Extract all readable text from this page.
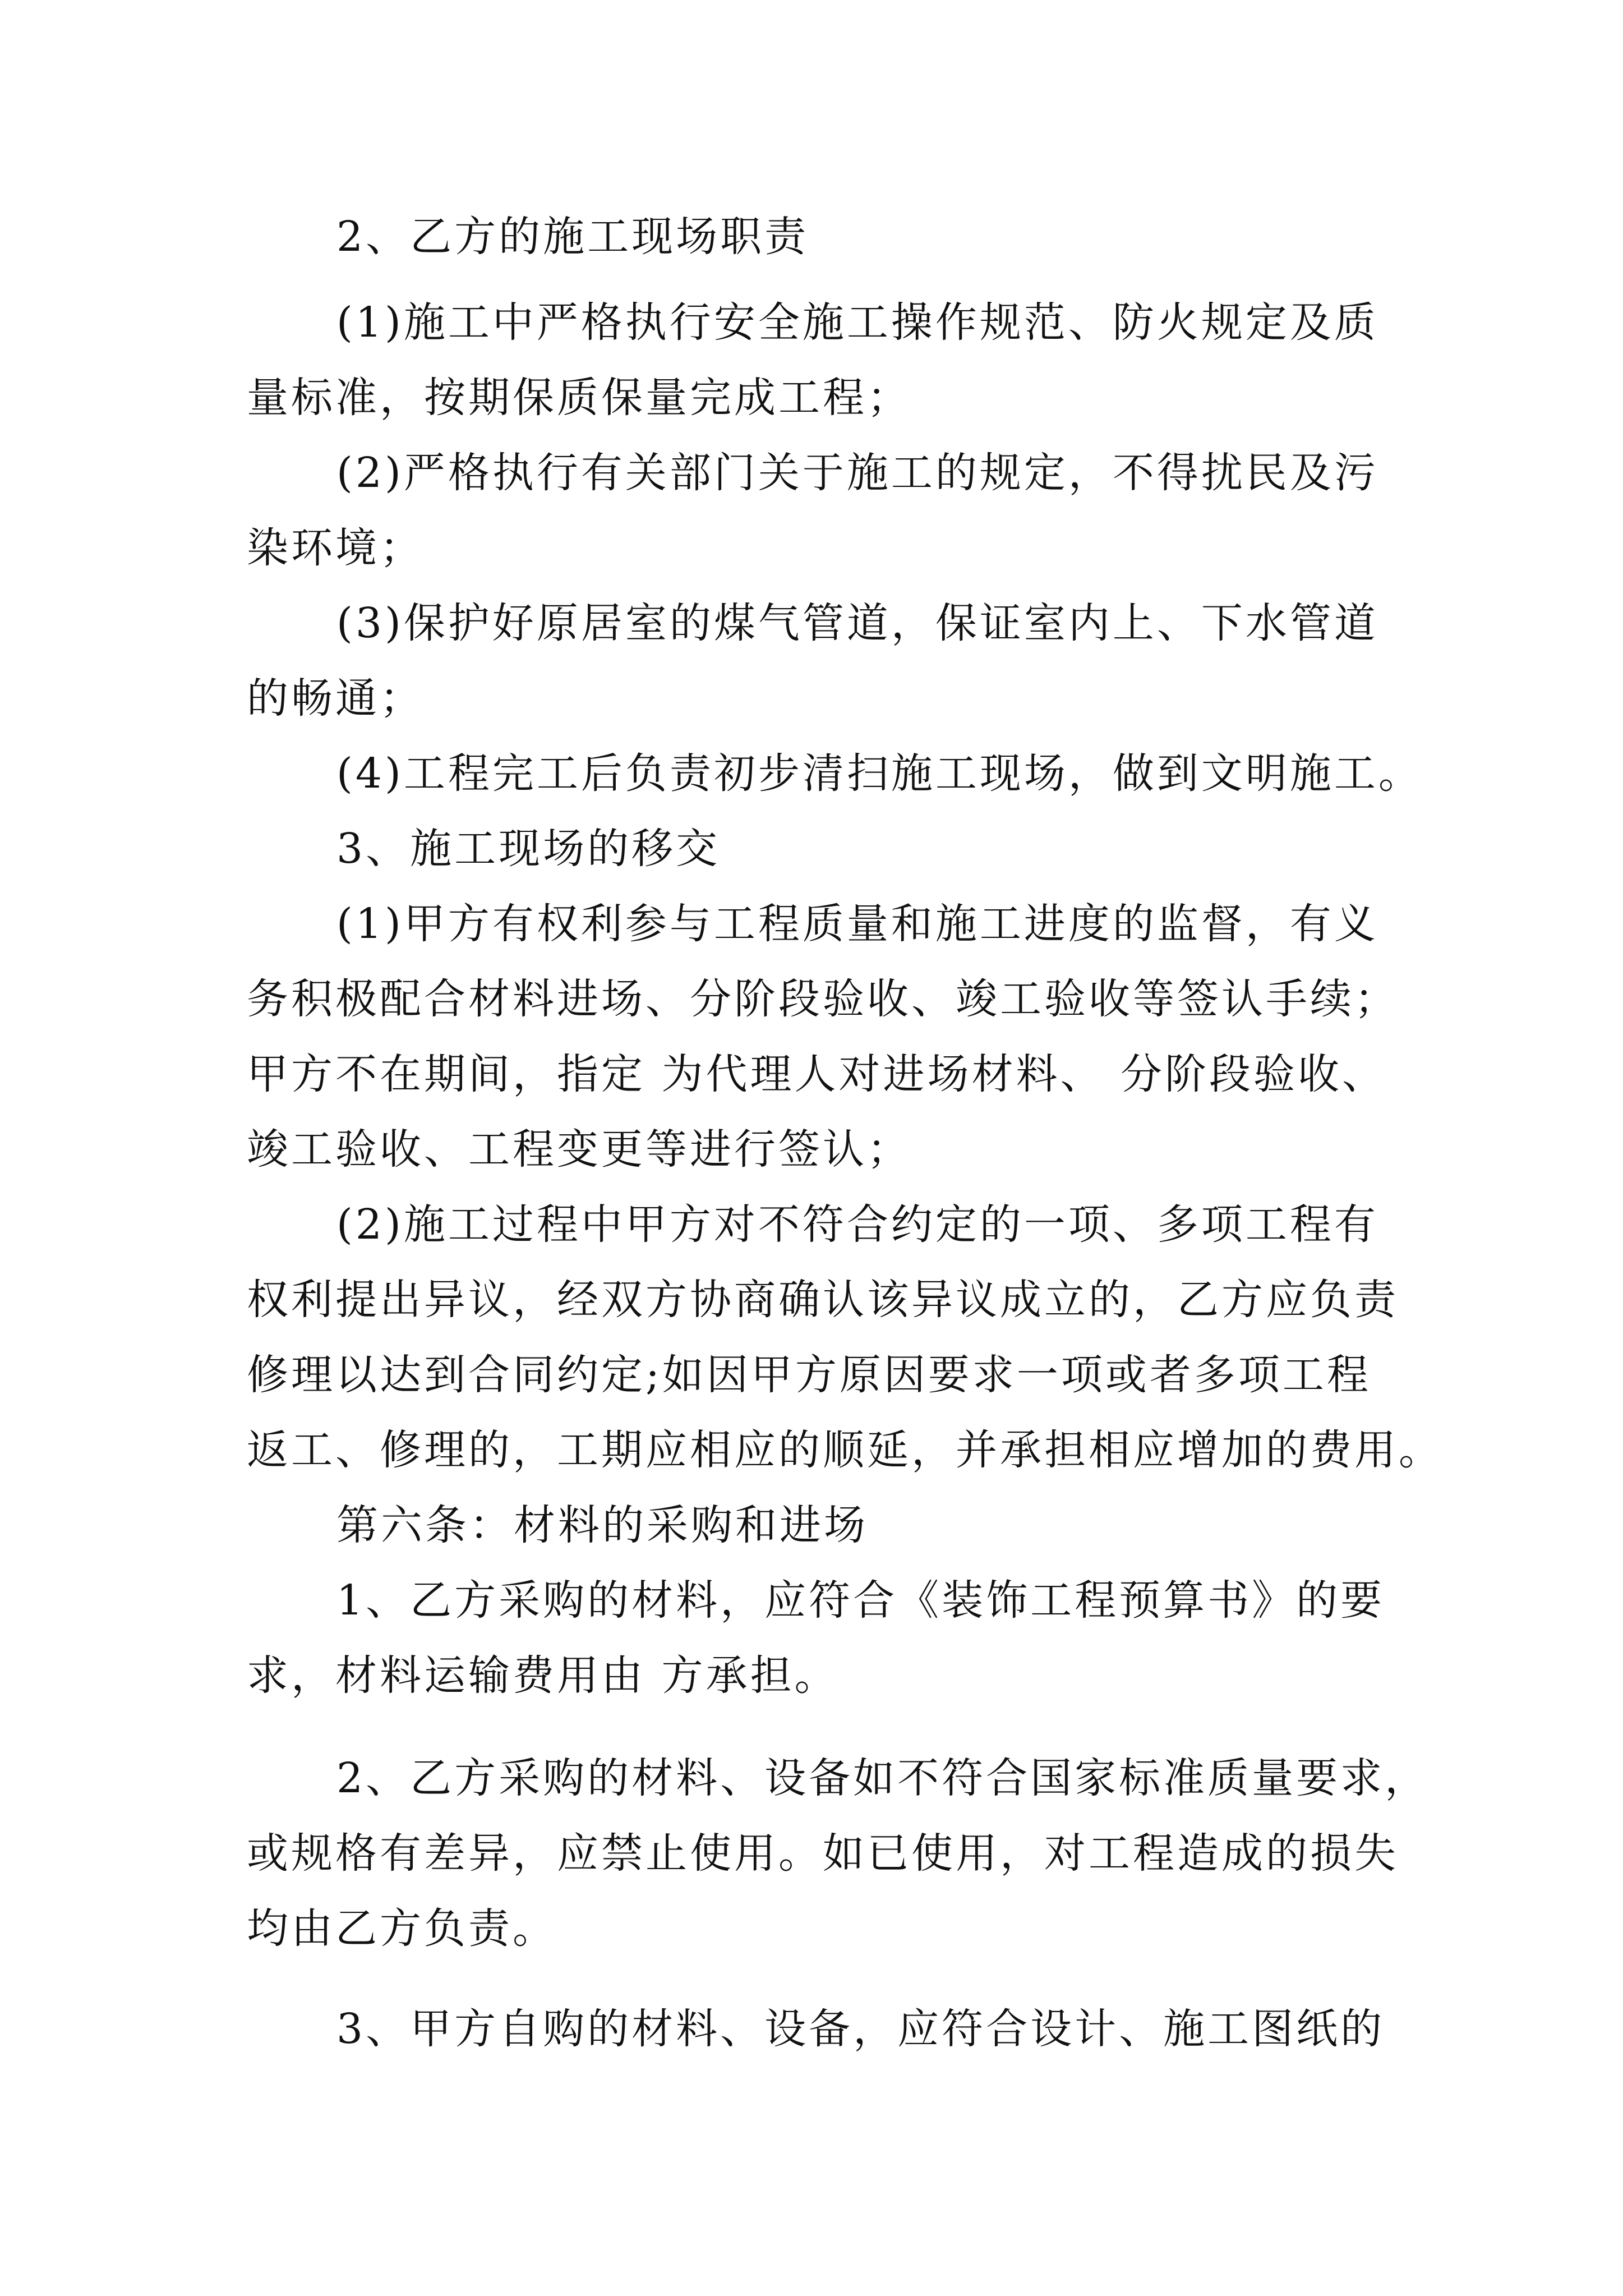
2、乙方的施工现场职责
(1)施工中严格执行安全施工操作规范、防火规定及质
量标准，按期保质保量完成工程；
(2)严格执行有关部门关于施工的规定，不得扰民及污
染环境；
(3)保护好原居室的煤气管道，保证室内上、下水管道
的畅通；
(4)工程完工后负责初步清扫施工现场，做到文明施工。
3、施工现场的移交
(1)甲方有权利参与工程质量和施工进度的监督，有义
务积极配合材料进场、分阶段验收、竣工验收等签认手续；
甲方不在期间，指定 为代理人对进场材料、 分阶段验收、
竣工验收、工程变更等进行签认；
(2)施工过程中甲方对不符合约定的一项、多项工程有
权利提出异议，经双方协商确认该异议成立的，乙方应负责
修理以达到合同约定;如因甲方原因要求一项或者多项工程
返工、修理的，工期应相应的顺延，并承担相应增加的费用。
第六条：材料的采购和进场
1、乙方采购的材料，应符合《装饰工程预算书》的要
求，材料运输费用由 方承担。
2、乙方采购的材料、设备如不符合国家标准质量要求，
或规格有差异，应禁止使用。如已使用，对工程造成的损失
均由乙方负责。
3、甲方自购的材料、设备，应符合设计、施工图纸的
